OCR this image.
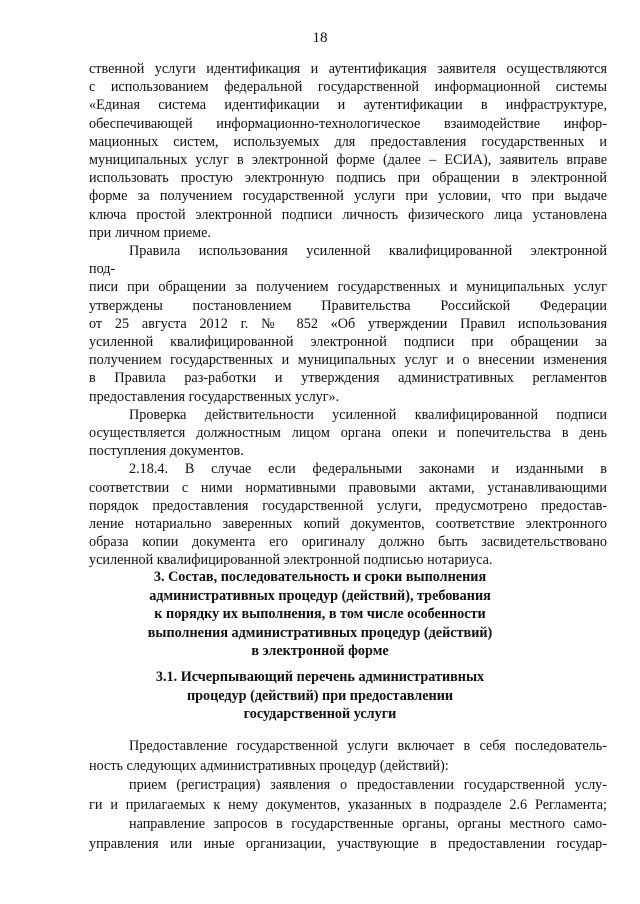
18
ственной услуги идентификация и аутентификация заявителя осуществляются
с использованием федеральной государственной информационной системы
«Единая система идентификации и аутентификации в инфраструктуре,
обеспечивающей информационно-технологическое взаимодействие инфор-
мационных систем, используемых для предоставления государственных и
муниципальных услуг в электронной форме (далее – ЕСИА), заявитель вправе
использовать простую электронную подпись при обращении в электронной
форме за получением государственной услуги при условии, что при выдаче
ключа простой электронной подписи личность физического лица установлена
при личном приеме.
Правила использования усиленной квалифицированной электронной
под-
писи при обращении за получением государственных и муниципальных услуг
утверждены постановлением Правительства Российской Федерации
от 25 августа 2012 г. № 852 «Об утверждении Правил использования
усиленной квалифицированной электронной подписи при обращении за
получением государственных и муниципальных услуг и о внесении изменения
в Правила раз-работки и утверждения административных регламентов
предоставления государственных услуг».
Проверка действительности усиленной квалифицированной подписи
осуществляется должностным лицом органа опеки и попечительства в день
поступления документов.
2.18.4. В случае если федеральными законами и изданными в
соответствии с ними нормативными правовыми актами, устанавливающими
порядок предоставления государственной услуги, предусмотрено предостав-
ление нотариально заверенных копий документов, соответствие электронного
образа копии документа его оригиналу должно быть засвидетельствовано
усиленной квалифицированной электронной подписью нотариуса.
3. Состав, последовательность и сроки выполнения
административных процедур (действий), требования
к порядку их выполнения, в том числе особенности
выполнения административных процедур (действий)
в электронной форме
3.1. Исчерпывающий перечень административных
процедур (действий) при предоставлении
государственной услуги
Предоставление государственной услуги включает в себя последователь-
ность следующих административных процедур (действий):
прием (регистрация) заявления о предоставлении государственной услу-
ги и прилагаемых к нему документов, указанных в подразделе 2.6 Регламента;
направление запросов в государственные органы, органы местного само-
управления или иные организации, участвующие в предоставлении государ-
